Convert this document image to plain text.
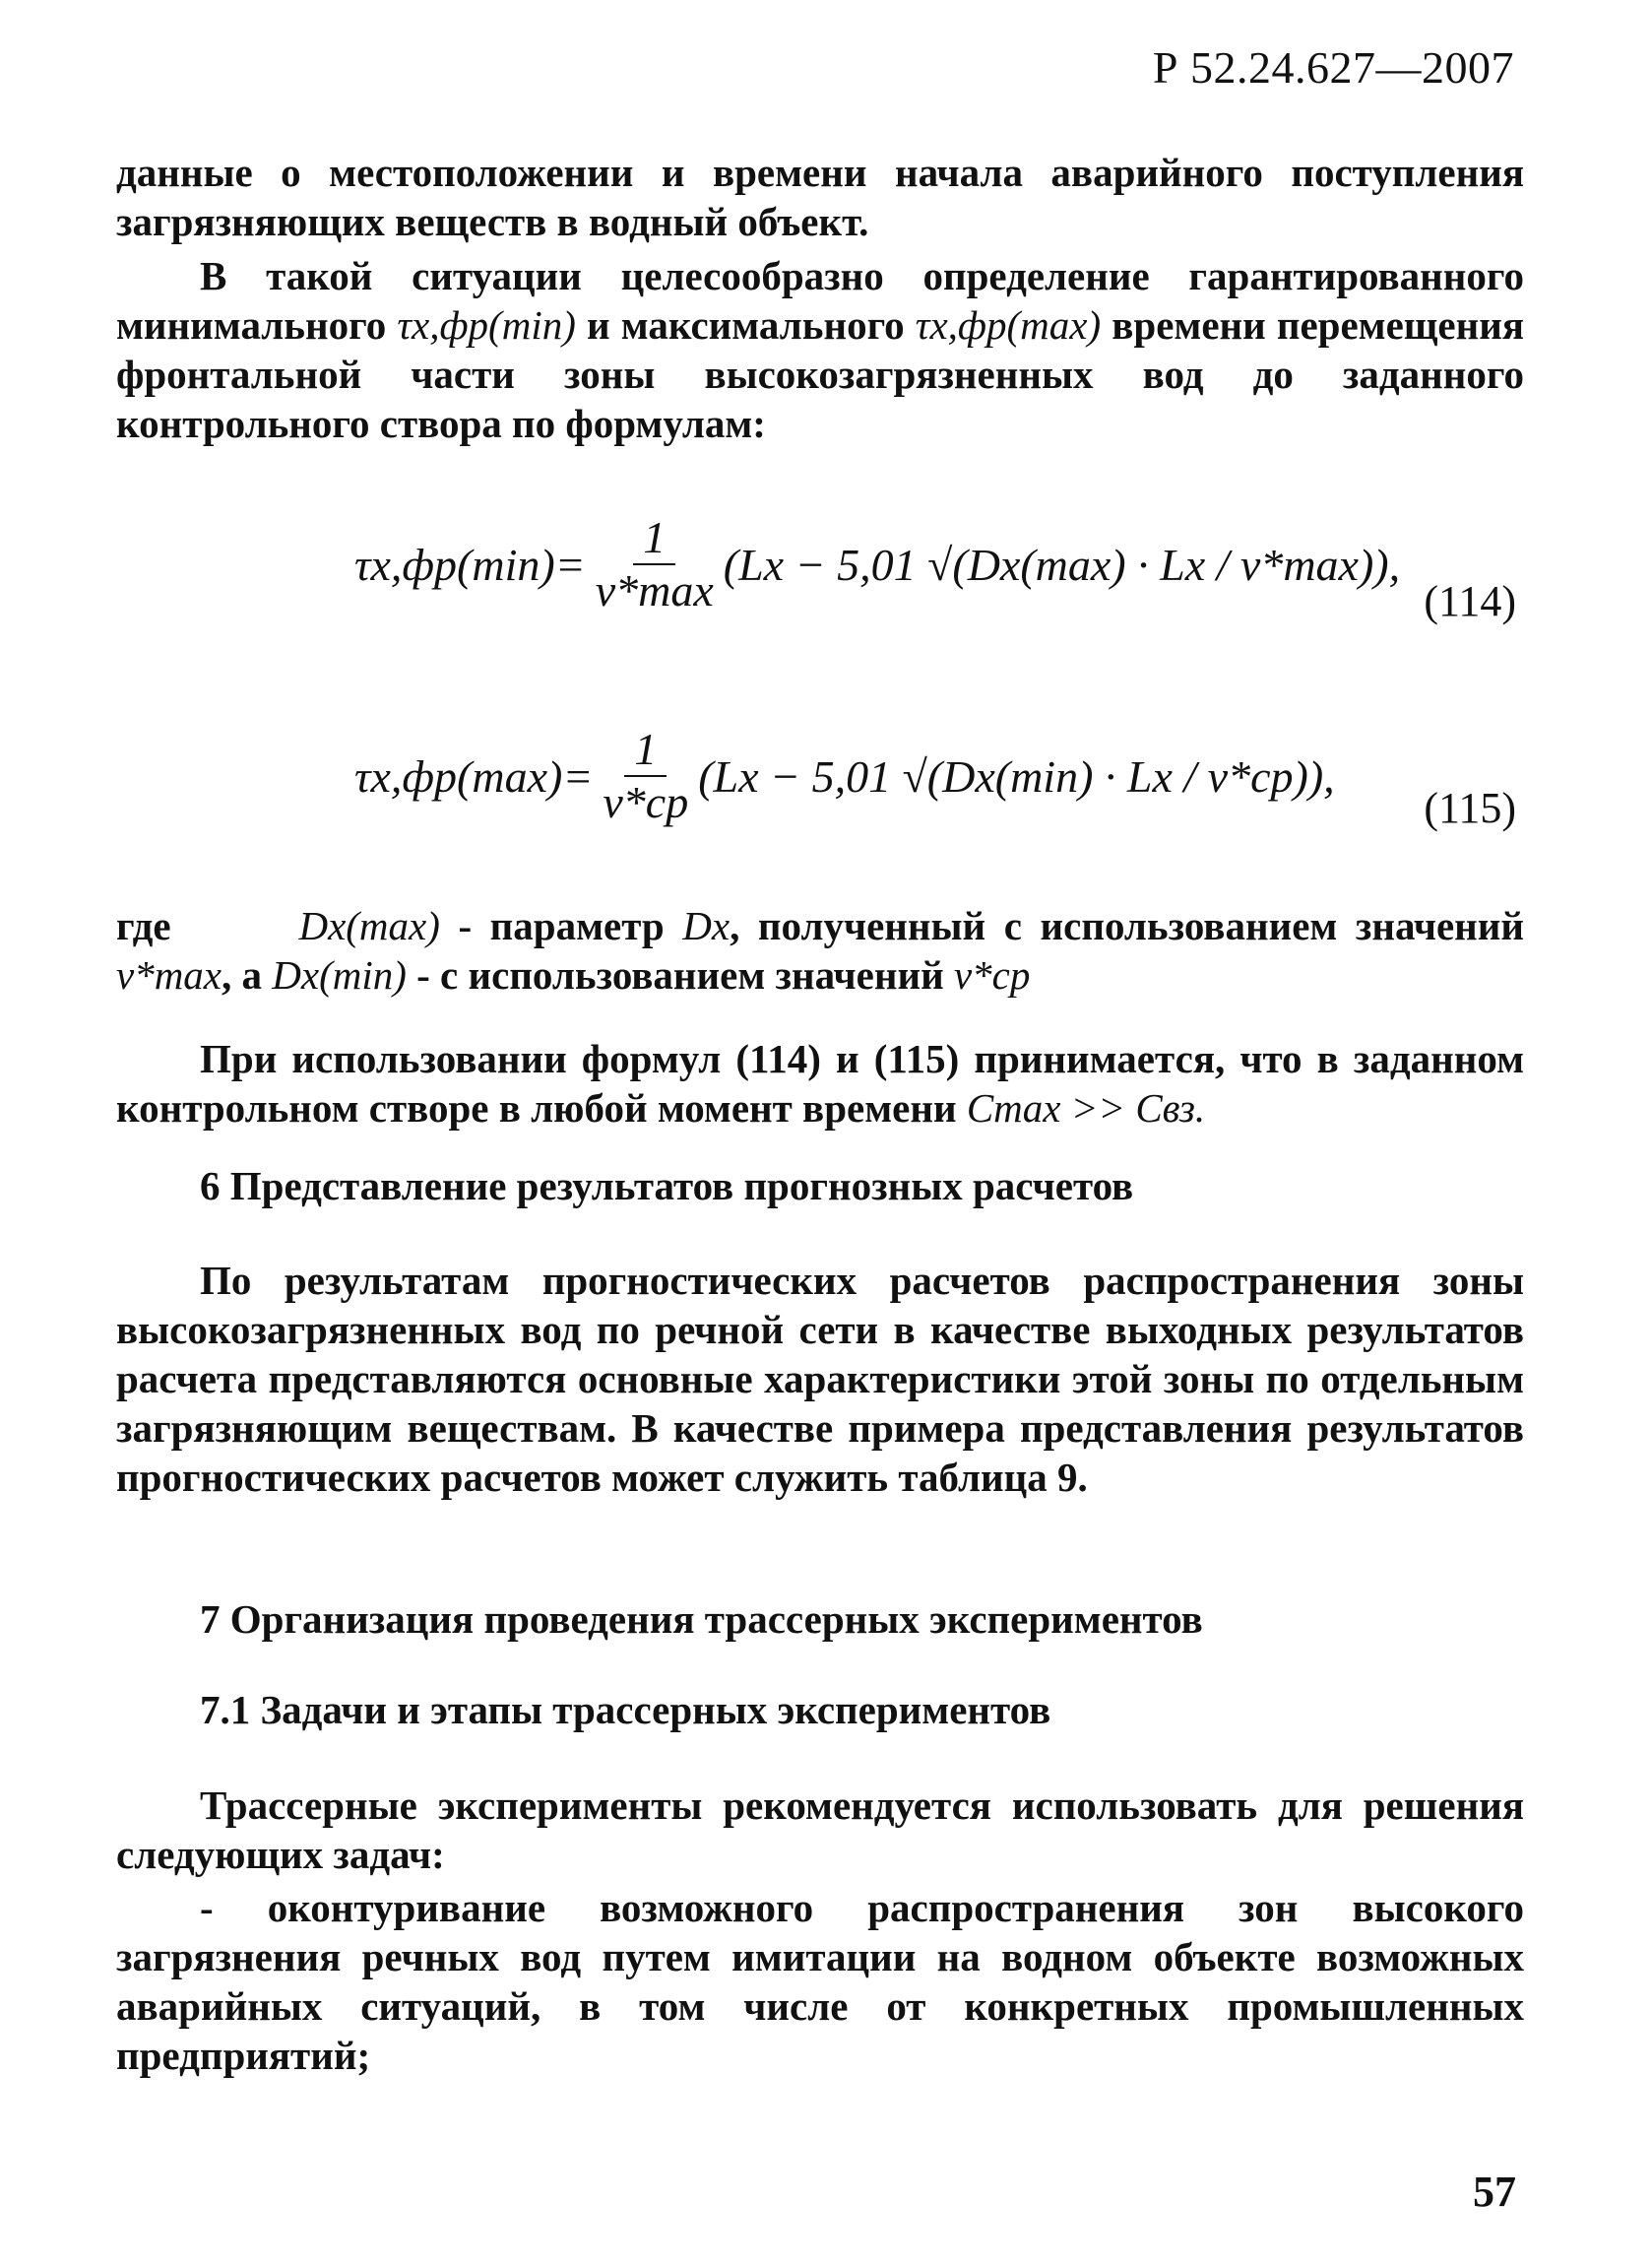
Р 52.24.627—2007

данные о местоположении и времени начала аварийного поступления загрязняющих веществ в водный объект.

В такой ситуации целесообразно определение гарантированного минимального τx,фр(min) и максимального τx,фр(max) времени перемещения фронтальной части зоны высокозагрязненных вод до заданного контрольного створа по формулам:

$\tau x,фр(\min)= \frac{1}{v*\max} (Lx - 5,01$ √(Dx(max) · Lx / v*max)) ,
(114)
$\tau x,фр(\max)= \frac{1}{v*ср} (Lx - 5,01$ √(Dx(min) · Lx / v*ср)) ,
(115)

где	Dx(max) - параметр Dx, полученный с использованием значений v*max, а Dx(min) - с использованием значений v*ср

При использовании формул (114) и (115) принимается, что в заданном контрольном створе в любой момент времени Cmax >> Cвз.

6 Представление результатов прогнозных расчетов

По результатам прогностических расчетов распространения зоны высокозагрязненных вод по речной сети в качестве выходных результатов расчета представляются основные характеристики этой зоны по отдельным загрязняющим веществам. В качестве примера представления результатов прогностических расчетов может служить таблица 9.

7 Организация проведения трассерных экспериментов
7.1 Задачи и этапы трассерных экспериментов

Трассерные эксперименты рекомендуется использовать для решения следующих задач:

- оконтуривание возможного распространения зон высокого загрязнения речных вод путем имитации на водном объекте возможных аварийных ситуаций, в том числе от конкретных промышленных предприятий;

57
